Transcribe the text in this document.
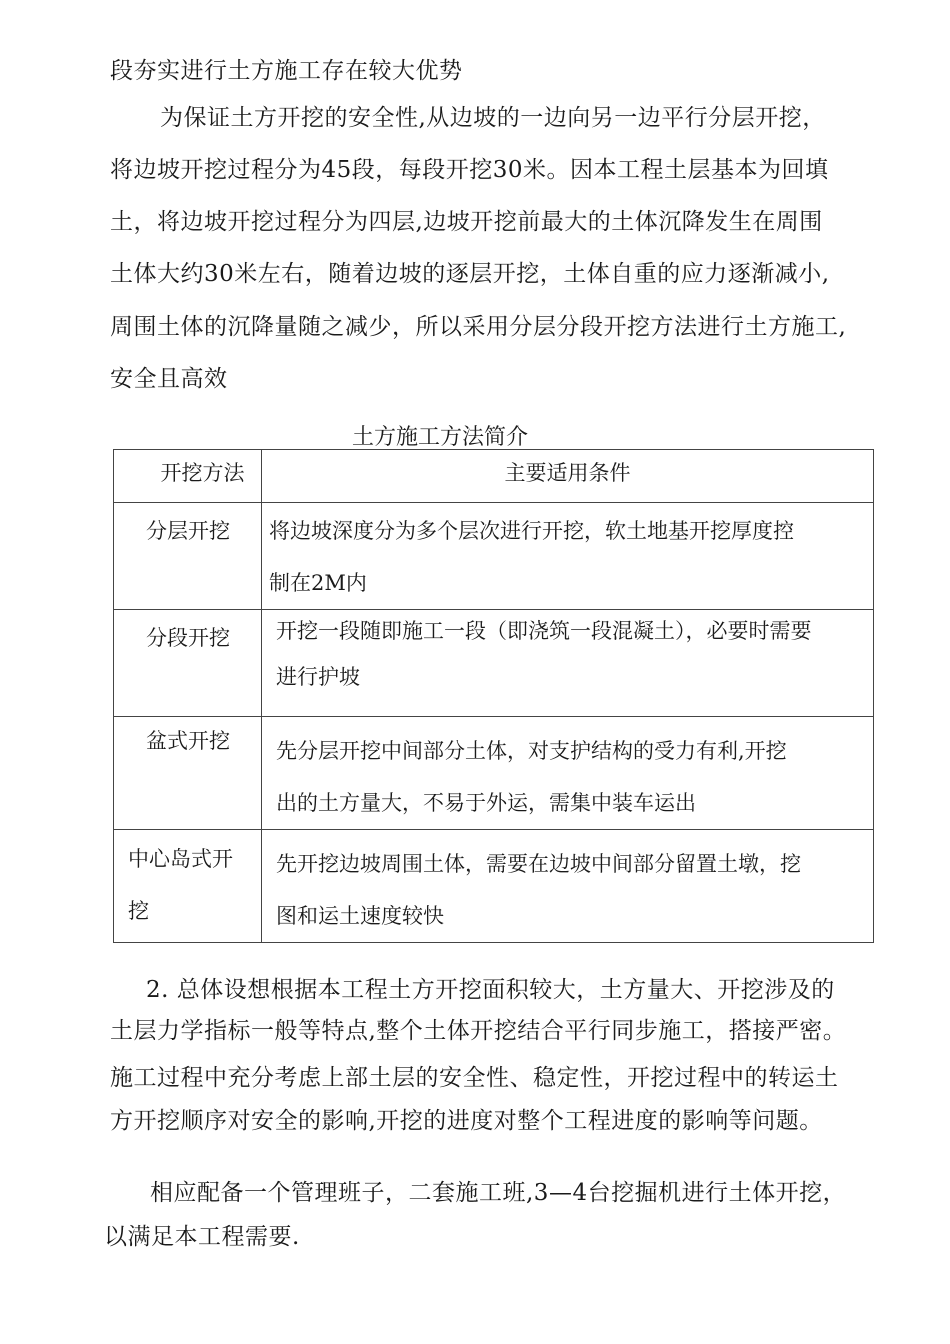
段夯实进行土方施工存在较大优势
为保证土方开挖的安全性,从边坡的一边向另一边平行分层开挖，
将边坡开挖过程分为45段，每段开挖30米。因本工程土层基本为回填
土，将边坡开挖过程分为四层,边坡开挖前最大的土体沉降发生在周围
土体大约30米左右，随着边坡的逐层开挖，土体自重的应力逐渐减小,
周围土体的沉降量随之减少，所以采用分层分段开挖方法进行土方施工,
安全且高效
土方施工方法简介
开挖方法	主要适用条件

分层开挖	将边坡深度分为多个层次进行开挖，软土地基开挖厚度控
制在2M内

分段开挖	开挖一段随即施工一段（即浇筑一段混凝土），必要时需要
进行护坡

盆式开挖	先分层开挖中间部分土体，对支护结构的受力有利,开挖
出的土方量大，不易于外运，需集中装车运出

中心岛式开
挖	先开挖边坡周围土体，需要在边坡中间部分留置土墩，挖
图和运土速度较快
2. 总体设想根据本工程土方开挖面积较大，土方量大、开挖涉及的
土层力学指标一般等特点,整个土体开挖结合平行同步施工，搭接严密。
施工过程中充分考虑上部土层的安全性、稳定性，开挖过程中的转运土
方开挖顺序对安全的影响,开挖的进度对整个工程进度的影响等问题。
相应配备一个管理班子，二套施工班,3—4台挖掘机进行土体开挖，
以满足本工程需要.
